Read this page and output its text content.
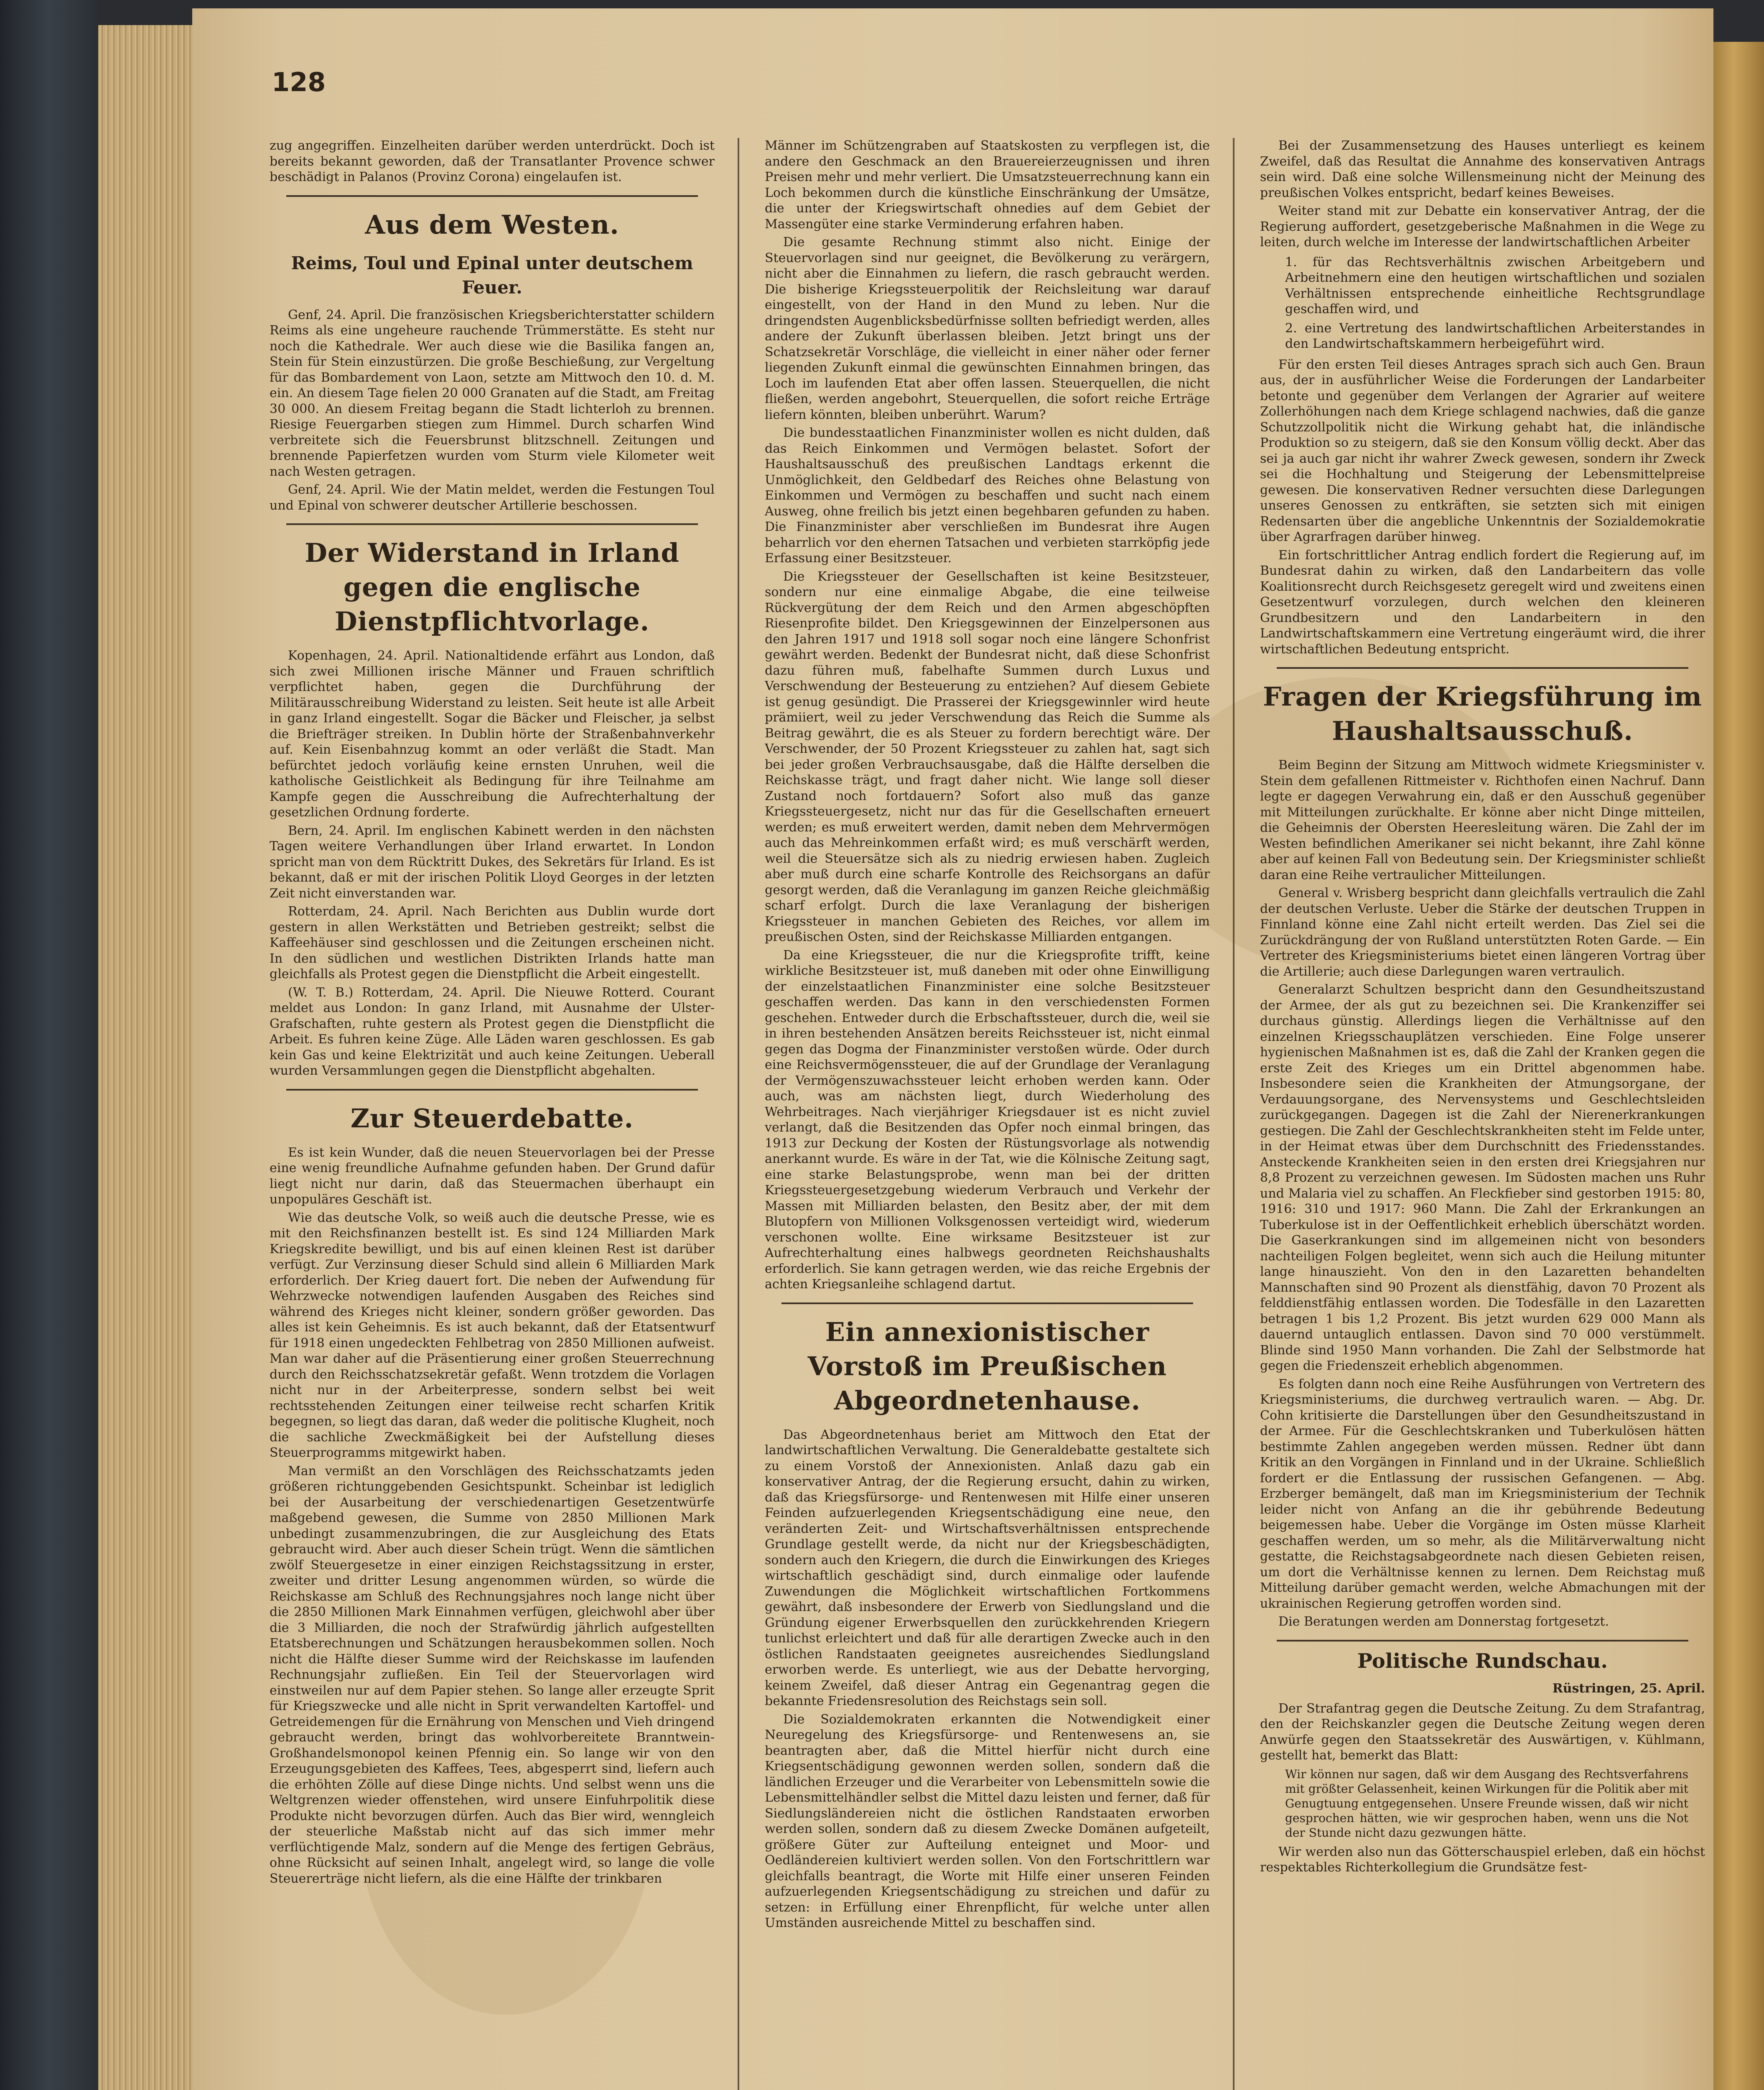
128

zug angegriffen. Einzelheiten darüber werden unterdrückt. Doch ist bereits bekannt geworden, daß der Transatlanter Provence schwer beschädigt in Palanos (Provinz Corona) eingelaufen ist.

Aus dem Westen.
Reims, Toul und Epinal unter deutschem Feuer.

Genf, 24. April. Die französischen Kriegsberichterstatter schildern Reims als eine ungeheure rauchende Trümmerstätte. Es steht nur noch die Kathedrale. Wer auch diese wie die Basilika fangen an, Stein für Stein einzustürzen. Die große Beschießung, zur Vergeltung für das Bombardement von Laon, setzte am Mittwoch den 10. d. M. ein. An diesem Tage fielen 20 000 Granaten auf die Stadt, am Freitag 30 000. An diesem Freitag begann die Stadt lichterloh zu brennen. Riesige Feuergarben stiegen zum Himmel. Durch scharfen Wind verbreitete sich die Feuersbrunst blitzschnell. Zeitungen und brennende Papierfetzen wurden vom Sturm viele Kilometer weit nach Westen getragen.

Genf, 24. April. Wie der Matin meldet, werden die Festungen Toul und Epinal von schwerer deutscher Artillerie beschossen.

Der Widerstand in Irland gegen die englische Dienstpflichtvorlage.

Kopenhagen, 24. April. Nationaltidende erfährt aus London, daß sich zwei Millionen irische Männer und Frauen schriftlich verpflichtet haben, gegen die Durchführung der Militärausschreibung Widerstand zu leisten. Seit heute ist alle Arbeit in ganz Irland eingestellt. Sogar die Bäcker und Fleischer, ja selbst die Briefträger streiken. In Dublin hörte der Straßenbahnverkehr auf. Kein Eisenbahnzug kommt an oder verläßt die Stadt. Man befürchtet jedoch vorläufig keine ernsten Unruhen, weil die katholische Geistlichkeit als Bedingung für ihre Teilnahme am Kampfe gegen die Ausschreibung die Aufrechterhaltung der gesetzlichen Ordnung forderte.

Bern, 24. April. Im englischen Kabinett werden in den nächsten Tagen weitere Verhandlungen über Irland erwartet. In London spricht man von dem Rücktritt Dukes, des Sekretärs für Irland. Es ist bekannt, daß er mit der irischen Politik Lloyd Georges in der letzten Zeit nicht einverstanden war.

Rotterdam, 24. April. Nach Berichten aus Dublin wurde dort gestern in allen Werkstätten und Betrieben gestreikt; selbst die Kaffeehäuser sind geschlossen und die Zeitungen erscheinen nicht. In den südlichen und westlichen Distrikten Irlands hatte man gleichfalls als Protest gegen die Dienstpflicht die Arbeit eingestellt.

(W. T. B.) Rotterdam, 24. April. Die Nieuwe Rotterd. Courant meldet aus London: In ganz Irland, mit Ausnahme der Ulster-Grafschaften, ruhte gestern als Protest gegen die Dienstpflicht die Arbeit. Es fuhren keine Züge. Alle Läden waren geschlossen. Es gab kein Gas und keine Elektrizität und auch keine Zeitungen. Ueberall wurden Versammlungen gegen die Dienstpflicht abgehalten.

Zur Steuerdebatte.

Es ist kein Wunder, daß die neuen Steuervorlagen bei der Presse eine wenig freundliche Aufnahme gefunden haben. Der Grund dafür liegt nicht nur darin, daß das Steuermachen überhaupt ein unpopuläres Geschäft ist.

Wie das deutsche Volk, so weiß auch die deutsche Presse, wie es mit den Reichsfinanzen bestellt ist. Es sind 124 Milliarden Mark Kriegskredite bewilligt, und bis auf einen kleinen Rest ist darüber verfügt. Zur Verzinsung dieser Schuld sind allein 6 Milliarden Mark erforderlich. Der Krieg dauert fort. Die neben der Aufwendung für Wehrzwecke notwendigen laufenden Ausgaben des Reiches sind während des Krieges nicht kleiner, sondern größer geworden. Das alles ist kein Geheimnis. Es ist auch bekannt, daß der Etatsentwurf für 1918 einen ungedeckten Fehlbetrag von 2850 Millionen aufweist. Man war daher auf die Präsentierung einer großen Steuerrechnung durch den Reichsschatzsekretär gefaßt. Wenn trotzdem die Vorlagen nicht nur in der Arbeiterpresse, sondern selbst bei weit rechtsstehenden Zeitungen einer teilweise recht scharfen Kritik begegnen, so liegt das daran, daß weder die politische Klugheit, noch die sachliche Zweckmäßigkeit bei der Aufstellung dieses Steuerprogramms mitgewirkt haben.

Man vermißt an den Vorschlägen des Reichsschatzamts jeden größeren richtunggebenden Gesichtspunkt. Scheinbar ist lediglich bei der Ausarbeitung der verschiedenartigen Gesetzentwürfe maßgebend gewesen, die Summe von 2850 Millionen Mark unbedingt zusammenzubringen, die zur Ausgleichung des Etats gebraucht wird. Aber auch dieser Schein trügt. Wenn die sämtlichen zwölf Steuergesetze in einer einzigen Reichstagssitzung in erster, zweiter und dritter Lesung angenommen würden, so würde die Reichskasse am Schluß des Rechnungsjahres noch lange nicht über die 2850 Millionen Mark Einnahmen verfügen, gleichwohl aber über die 3 Milliarden, die noch der Strafwürdig jährlich aufgestellten Etatsberechnungen und Schätzungen herausbekommen sollen. Noch nicht die Hälfte dieser Summe wird der Reichskasse im laufenden Rechnungsjahr zufließen. Ein Teil der Steuervorlagen wird einstweilen nur auf dem Papier stehen. So lange aller erzeugte Sprit für Kriegszwecke und alle nicht in Sprit verwandelten Kartoffel- und Getreidemengen für die Ernährung von Menschen und Vieh dringend gebraucht werden, bringt das wohlvorbereitete Branntwein-Großhandelsmonopol keinen Pfennig ein. So lange wir von den Erzeugungsgebieten des Kaffees, Tees, abgesperrt sind, liefern auch die erhöhten Zölle auf diese Dinge nichts. Und selbst wenn uns die Weltgrenzen wieder offenstehen, wird unsere Einfuhrpolitik diese Produkte nicht bevorzugen dürfen. Auch das Bier wird, wenngleich der steuerliche Maßstab nicht auf das sich immer mehr verflüchtigende Malz, sondern auf die Menge des fertigen Gebräus, ohne Rücksicht auf seinen Inhalt, angelegt wird, so lange die volle Steuererträge nicht liefern, als die eine Hälfte der trinkbaren

Männer im Schützengraben auf Staatskosten zu verpflegen ist, die andere den Geschmack an den Brauereierzeugnissen und ihren Preisen mehr und mehr verliert. Die Umsatzsteuerrechnung kann ein Loch bekommen durch die künstliche Einschränkung der Umsätze, die unter der Kriegswirtschaft ohnedies auf dem Gebiet der Massengüter eine starke Verminderung erfahren haben.

Die gesamte Rechnung stimmt also nicht. Einige der Steuervorlagen sind nur geeignet, die Bevölkerung zu verärgern, nicht aber die Einnahmen zu liefern, die rasch gebraucht werden. Die bisherige Kriegssteuerpolitik der Reichsleitung war darauf eingestellt, von der Hand in den Mund zu leben. Nur die dringendsten Augenblicksbedürfnisse sollten befriedigt werden, alles andere der Zukunft überlassen bleiben. Jetzt bringt uns der Schatzsekretär Vorschläge, die vielleicht in einer näher oder ferner liegenden Zukunft einmal die gewünschten Einnahmen bringen, das Loch im laufenden Etat aber offen lassen. Steuerquellen, die nicht fließen, werden angebohrt, Steuerquellen, die sofort reiche Erträge liefern könnten, bleiben unberührt. Warum?

Die bundesstaatlichen Finanzminister wollen es nicht dulden, daß das Reich Einkommen und Vermögen belastet. Sofort der Haushaltsausschuß des preußischen Landtags erkennt die Unmöglichkeit, den Geldbedarf des Reiches ohne Belastung von Einkommen und Vermögen zu beschaffen und sucht nach einem Ausweg, ohne freilich bis jetzt einen begehbaren gefunden zu haben. Die Finanzminister aber verschließen im Bundesrat ihre Augen beharrlich vor den ehernen Tatsachen und verbieten starrköpfig jede Erfassung einer Besitzsteuer.

Die Kriegssteuer der Gesellschaften ist keine Besitzsteuer, sondern nur eine einmalige Abgabe, die eine teilweise Rückvergütung der dem Reich und den Armen abgeschöpften Riesenprofite bildet. Den Kriegsgewinnen der Einzelpersonen aus den Jahren 1917 und 1918 soll sogar noch eine längere Schonfrist gewährt werden. Bedenkt der Bundesrat nicht, daß diese Schonfrist dazu führen muß, fabelhafte Summen durch Luxus und Verschwendung der Besteuerung zu entziehen? Auf diesem Gebiete ist genug gesündigt. Die Prasserei der Kriegsgewinnler wird heute prämiiert, weil zu jeder Verschwendung das Reich die Summe als Beitrag gewährt, die es als Steuer zu fordern berechtigt wäre. Der Verschwender, der 50 Prozent Kriegssteuer zu zahlen hat, sagt sich bei jeder großen Verbrauchsausgabe, daß die Hälfte derselben die Reichskasse trägt, und fragt daher nicht. Wie lange soll dieser Zustand noch fortdauern? Sofort also muß das ganze Kriegssteuergesetz, nicht nur das für die Gesellschaften erneuert werden; es muß erweitert werden, damit neben dem Mehrvermögen auch das Mehreinkommen erfaßt wird; es muß verschärft werden, weil die Steuersätze sich als zu niedrig erwiesen haben. Zugleich aber muß durch eine scharfe Kontrolle des Reichsorgans an dafür gesorgt werden, daß die Veranlagung im ganzen Reiche gleichmäßig scharf erfolgt. Durch die laxe Veranlagung der bisherigen Kriegssteuer in manchen Gebieten des Reiches, vor allem im preußischen Osten, sind der Reichskasse Milliarden entgangen.

Da eine Kriegssteuer, die nur die Kriegsprofite trifft, keine wirkliche Besitzsteuer ist, muß daneben mit oder ohne Einwilligung der einzelstaatlichen Finanzminister eine solche Besitzsteuer geschaffen werden. Das kann in den verschiedensten Formen geschehen. Entweder durch die Erbschaftssteuer, durch die, weil sie in ihren bestehenden Ansätzen bereits Reichssteuer ist, nicht einmal gegen das Dogma der Finanzminister verstoßen würde. Oder durch eine Reichsvermögenssteuer, die auf der Grundlage der Veranlagung der Vermögenszuwachssteuer leicht erhoben werden kann. Oder auch, was am nächsten liegt, durch Wiederholung des Wehrbeitrages. Nach vierjähriger Kriegsdauer ist es nicht zuviel verlangt, daß die Besitzenden das Opfer noch einmal bringen, das 1913 zur Deckung der Kosten der Rüstungsvorlage als notwendig anerkannt wurde. Es wäre in der Tat, wie die Kölnische Zeitung sagt, eine starke Belastungsprobe, wenn man bei der dritten Kriegssteuergesetzgebung wiederum Verbrauch und Verkehr der Massen mit Milliarden belasten, den Besitz aber, der mit dem Blutopfern von Millionen Volksgenossen verteidigt wird, wiederum verschonen wollte. Eine wirksame Besitzsteuer ist zur Aufrechterhaltung eines halbwegs geordneten Reichshaushalts erforderlich. Sie kann getragen werden, wie das reiche Ergebnis der achten Kriegsanleihe schlagend dartut.

Ein annexionistischer Vorstoß im Preußischen Abgeordnetenhause.

Das Abgeordnetenhaus beriet am Mittwoch den Etat der landwirtschaftlichen Verwaltung. Die Generaldebatte gestaltete sich zu einem Vorstoß der Annexionisten. Anlaß dazu gab ein konservativer Antrag, der die Regierung ersucht, dahin zu wirken, daß das Kriegsfürsorge- und Rentenwesen mit Hilfe einer unseren Feinden aufzuerlegenden Kriegsentschädigung eine neue, den veränderten Zeit- und Wirtschaftsverhältnissen entsprechende Grundlage gestellt werde, da nicht nur der Kriegsbeschädigten, sondern auch den Kriegern, die durch die Einwirkungen des Krieges wirtschaftlich geschädigt sind, durch einmalige oder laufende Zuwendungen die Möglichkeit wirtschaftlichen Fortkommens gewährt, daß insbesondere der Erwerb von Siedlungsland und die Gründung eigener Erwerbsquellen den zurückkehrenden Kriegern tunlichst erleichtert und daß für alle derartigen Zwecke auch in den östlichen Randstaaten geeignetes ausreichendes Siedlungsland erworben werde. Es unterliegt, wie aus der Debatte hervorging, keinem Zweifel, daß dieser Antrag ein Gegenantrag gegen die bekannte Friedensresolution des Reichstags sein soll.

Die Sozialdemokraten erkannten die Notwendigkeit einer Neuregelung des Kriegsfürsorge- und Rentenwesens an, sie beantragten aber, daß die Mittel hierfür nicht durch eine Kriegsentschädigung gewonnen werden sollen, sondern daß die ländlichen Erzeuger und die Verarbeiter von Lebensmitteln sowie die Lebensmittelhändler selbst die Mittel dazu leisten und ferner, daß für Siedlungsländereien nicht die östlichen Randstaaten erworben werden sollen, sondern daß zu diesem Zwecke Domänen aufgeteilt, größere Güter zur Aufteilung enteignet und Moor- und Oedländereien kultiviert werden sollen. Von den Fortschrittlern war gleichfalls beantragt, die Worte mit Hilfe einer unseren Feinden aufzuerlegenden Kriegsentschädigung zu streichen und dafür zu setzen: in Erfüllung einer Ehrenpflicht, für welche unter allen Umständen ausreichende Mittel zu beschaffen sind.

Bei der Zusammensetzung des Hauses unterliegt es keinem Zweifel, daß das Resultat die Annahme des konservativen Antrags sein wird. Daß eine solche Willensmeinung nicht der Meinung des preußischen Volkes entspricht, bedarf keines Beweises.

Weiter stand mit zur Debatte ein konservativer Antrag, der die Regierung auffordert, gesetzgeberische Maßnahmen in die Wege zu leiten, durch welche im Interesse der landwirtschaftlichen Arbeiter

1. für das Rechtsverhältnis zwischen Arbeitgebern und Arbeitnehmern eine den heutigen wirtschaftlichen und sozialen Verhältnissen entsprechende einheitliche Rechtsgrundlage geschaffen wird, und
2. eine Vertretung des landwirtschaftlichen Arbeiterstandes in den Landwirtschaftskammern herbeigeführt wird.

Für den ersten Teil dieses Antrages sprach sich auch Gen. Braun aus, der in ausführlicher Weise die Forderungen der Landarbeiter betonte und gegenüber dem Verlangen der Agrarier auf weitere Zollerhöhungen nach dem Kriege schlagend nachwies, daß die ganze Schutzzollpolitik nicht die Wirkung gehabt hat, die inländische Produktion so zu steigern, daß sie den Konsum völlig deckt. Aber das sei ja auch gar nicht ihr wahrer Zweck gewesen, sondern ihr Zweck sei die Hochhaltung und Steigerung der Lebensmittelpreise gewesen. Die konservativen Redner versuchten diese Darlegungen unseres Genossen zu entkräften, sie setzten sich mit einigen Redensarten über die angebliche Unkenntnis der Sozialdemokratie über Agrarfragen darüber hinweg.

Ein fortschrittlicher Antrag endlich fordert die Regierung auf, im Bundesrat dahin zu wirken, daß den Landarbeitern das volle Koalitionsrecht durch Reichsgesetz geregelt wird und zweitens einen Gesetzentwurf vorzulegen, durch welchen den kleineren Grundbesitzern und den Landarbeitern in den Landwirtschaftskammern eine Vertretung eingeräumt wird, die ihrer wirtschaftlichen Bedeutung entspricht.

Fragen der Kriegsführung im Haushaltsausschuß.

Beim Beginn der Sitzung am Mittwoch widmete Kriegsminister v. Stein dem gefallenen Rittmeister v. Richthofen einen Nachruf. Dann legte er dagegen Verwahrung ein, daß er den Ausschuß gegenüber mit Mitteilungen zurückhalte. Er könne aber nicht Dinge mitteilen, die Geheimnis der Obersten Heeresleitung wären. Die Zahl der im Westen befindlichen Amerikaner sei nicht bekannt, ihre Zahl könne aber auf keinen Fall von Bedeutung sein. Der Kriegsminister schließt daran eine Reihe vertraulicher Mitteilungen.

General v. Wrisberg bespricht dann gleichfalls vertraulich die Zahl der deutschen Verluste. Ueber die Stärke der deutschen Truppen in Finnland könne eine Zahl nicht erteilt werden. Das Ziel sei die Zurückdrängung der von Rußland unterstützten Roten Garde. — Ein Vertreter des Kriegsministeriums bietet einen längeren Vortrag über die Artillerie; auch diese Darlegungen waren vertraulich.

Generalarzt Schultzen bespricht dann den Gesundheitszustand der Armee, der als gut zu bezeichnen sei. Die Krankenziffer sei durchaus günstig. Allerdings liegen die Verhältnisse auf den einzelnen Kriegsschauplätzen verschieden. Eine Folge unserer hygienischen Maßnahmen ist es, daß die Zahl der Kranken gegen die erste Zeit des Krieges um ein Drittel abgenommen habe. Insbesondere seien die Krankheiten der Atmungsorgane, der Verdauungsorgane, des Nervensystems und Geschlechtsleiden zurückgegangen. Dagegen ist die Zahl der Nierenerkrankungen gestiegen. Die Zahl der Geschlechtskrankheiten steht im Felde unter, in der Heimat etwas über dem Durchschnitt des Friedensstandes. Ansteckende Krankheiten seien in den ersten drei Kriegsjahren nur 8,8 Prozent zu verzeichnen gewesen. Im Südosten machen uns Ruhr und Malaria viel zu schaffen. An Fleckfieber sind gestorben 1915: 80, 1916: 310 und 1917: 960 Mann. Die Zahl der Erkrankungen an Tuberkulose ist in der Oeffentlichkeit erheblich überschätzt worden. Die Gaserkrankungen sind im allgemeinen nicht von besonders nachteiligen Folgen begleitet, wenn sich auch die Heilung mitunter lange hinauszieht. Von den in den Lazaretten behandelten Mannschaften sind 90 Prozent als dienstfähig, davon 70 Prozent als felddienstfähig entlassen worden. Die Todesfälle in den Lazaretten betragen 1 bis 1,2 Prozent. Bis jetzt wurden 629 000 Mann als dauernd untauglich entlassen. Davon sind 70 000 verstümmelt. Blinde sind 1950 Mann vorhanden. Die Zahl der Selbstmorde hat gegen die Friedenszeit erheblich abgenommen.

Es folgten dann noch eine Reihe Ausführungen von Vertretern des Kriegsministeriums, die durchweg vertraulich waren. — Abg. Dr. Cohn kritisierte die Darstellungen über den Gesundheitszustand in der Armee. Für die Geschlechtskranken und Tuberkulösen hätten bestimmte Zahlen angegeben werden müssen. Redner übt dann Kritik an den Vorgängen in Finnland und in der Ukraine. Schließlich fordert er die Entlassung der russischen Gefangenen. — Abg. Erzberger bemängelt, daß man im Kriegsministerium der Technik leider nicht von Anfang an die ihr gebührende Bedeutung beigemessen habe. Ueber die Vorgänge im Osten müsse Klarheit geschaffen werden, um so mehr, als die Militärverwaltung nicht gestatte, die Reichstagsabgeordnete nach diesen Gebieten reisen, um dort die Verhältnisse kennen zu lernen. Dem Reichstag muß Mitteilung darüber gemacht werden, welche Abmachungen mit der ukrainischen Regierung getroffen worden sind.

Die Beratungen werden am Donnerstag fortgesetzt.

Politische Rundschau.
Rüstringen, 25. April.

Der Strafantrag gegen die Deutsche Zeitung. Zu dem Strafantrag, den der Reichskanzler gegen die Deutsche Zeitung wegen deren Anwürfe gegen den Staatssekretär des Auswärtigen, v. Kühlmann, gestellt hat, bemerkt das Blatt:

Wir können nur sagen, daß wir dem Ausgang des Rechtsverfahrens mit größter Gelassenheit, keinen Wirkungen für die Politik aber mit Genugtuung entgegensehen. Unsere Freunde wissen, daß wir nicht gesprochen hätten, wie wir gesprochen haben, wenn uns die Not der Stunde nicht dazu gezwungen hätte.

Wir werden also nun das Götterschauspiel erleben, daß ein höchst respektables Richterkollegium die Grundsätze fest-
